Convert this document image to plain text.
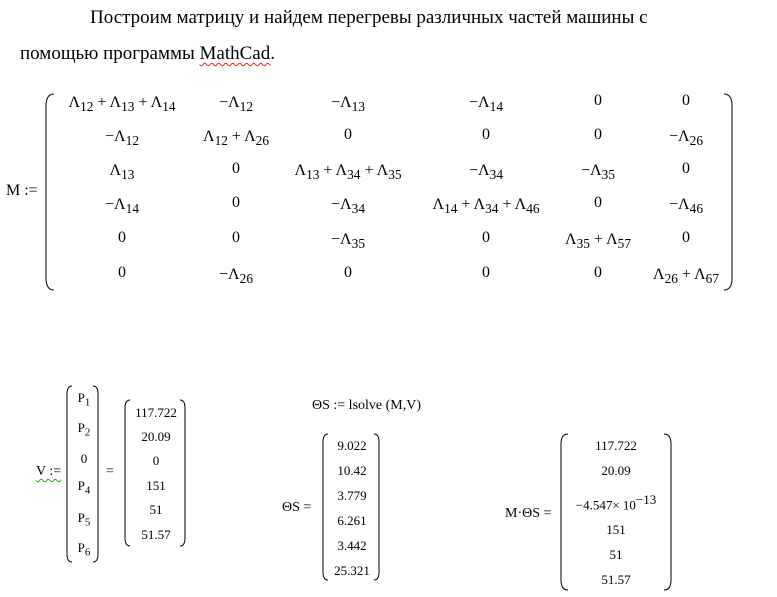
Построим матрицу и найдем перегревы различных частей машины с
помощью программы MathCad.
M :=
$\Lambda_{12} + \Lambda_{13} + \Lambda_{14}$	$-\Lambda_{12}$	$-\Lambda_{13}$	$-\Lambda_{14}$	0	0
$-\Lambda_{12}$	$\Lambda_{12} + \Lambda_{26}$	0	0	0	$-\Lambda_{26}$
$\Lambda_{13}$	0	$\Lambda_{13} + \Lambda_{34} + \Lambda_{35}$	$-\Lambda_{34}$	$-\Lambda_{35}$	0
$-\Lambda_{14}$	0	$-\Lambda_{34}$	$\Lambda_{14} + \Lambda_{34} + \Lambda_{46}$	0	$-\Lambda_{46}$
0	0	$-\Lambda_{35}$	0	$\Lambda_{35} + \Lambda_{57}$	0
0	$-\Lambda_{26}$	0	0	0	$\Lambda_{26} + \Lambda_{67}$
V :=
$P_1$
$P_2$
0
$P_4$
$P_5$
$P_6$
=
117.722
20.09
0
151
51
51.57
ΘS := lsolve (M,V)
ΘS =
9.022
10.42
3.779
6.261
3.442
25.321
M·ΘS =
117.722
20.09
$-4.547\times 10^{-13}$
151
51
51.57
